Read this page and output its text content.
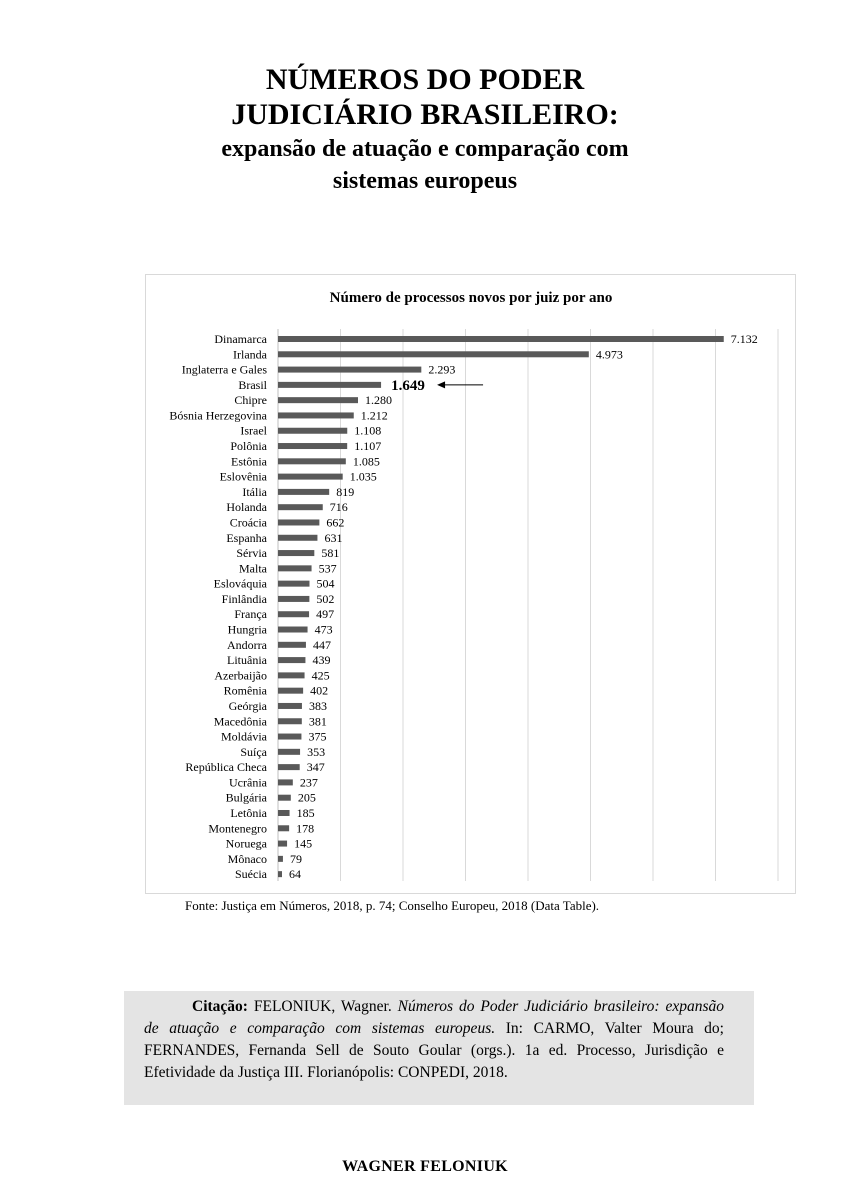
NÚMEROS DO PODER
JUDICIÁRIO BRASILEIRO:
expansão de atuação e comparação com
sistemas europeus
Número de processos novos por juiz por ano
Dinamarca	7.132
Irlanda	4.973
Inglaterra e Gales	2.293
Brasil	1.649
Chipre	1.280
Bósnia Herzegovina	1.212
Israel	1.108
Polônia	1.107
Estônia	1.085
Eslovênia	1.035
Itália	819
Holanda	716
Croácia	662
Espanha	631
Sérvia	581
Malta	537
Eslováquia	504
Finlândia	502
França	497
Hungria	473
Andorra	447
Lituânia	439
Azerbaijão	425
Romênia	402
Geórgia	383
Macedônia	381
Moldávia	375
Suíça	353
República Checa	347
Ucrânia	237
Bulgária	205
Letônia 185
Montenegro 178
Noruega 145
Mônaco 79
Suécia 64
Fonte: Justiça em Números, 2018, p. 74; Conselho Europeu, 2018 (Data Table).
Citação: FELONIUK, Wagner. Números do Poder Judiciário brasileiro: expansão de atuação e comparação com sistemas europeus. In: CARMO, Valter Moura do; FERNANDES, Fernanda Sell de Souto Goular (orgs.). 1a ed. Processo, Jurisdição e Efetividade da Justiça III. Florianópolis: CONPEDI, 2018.
WAGNER FELONIUK
